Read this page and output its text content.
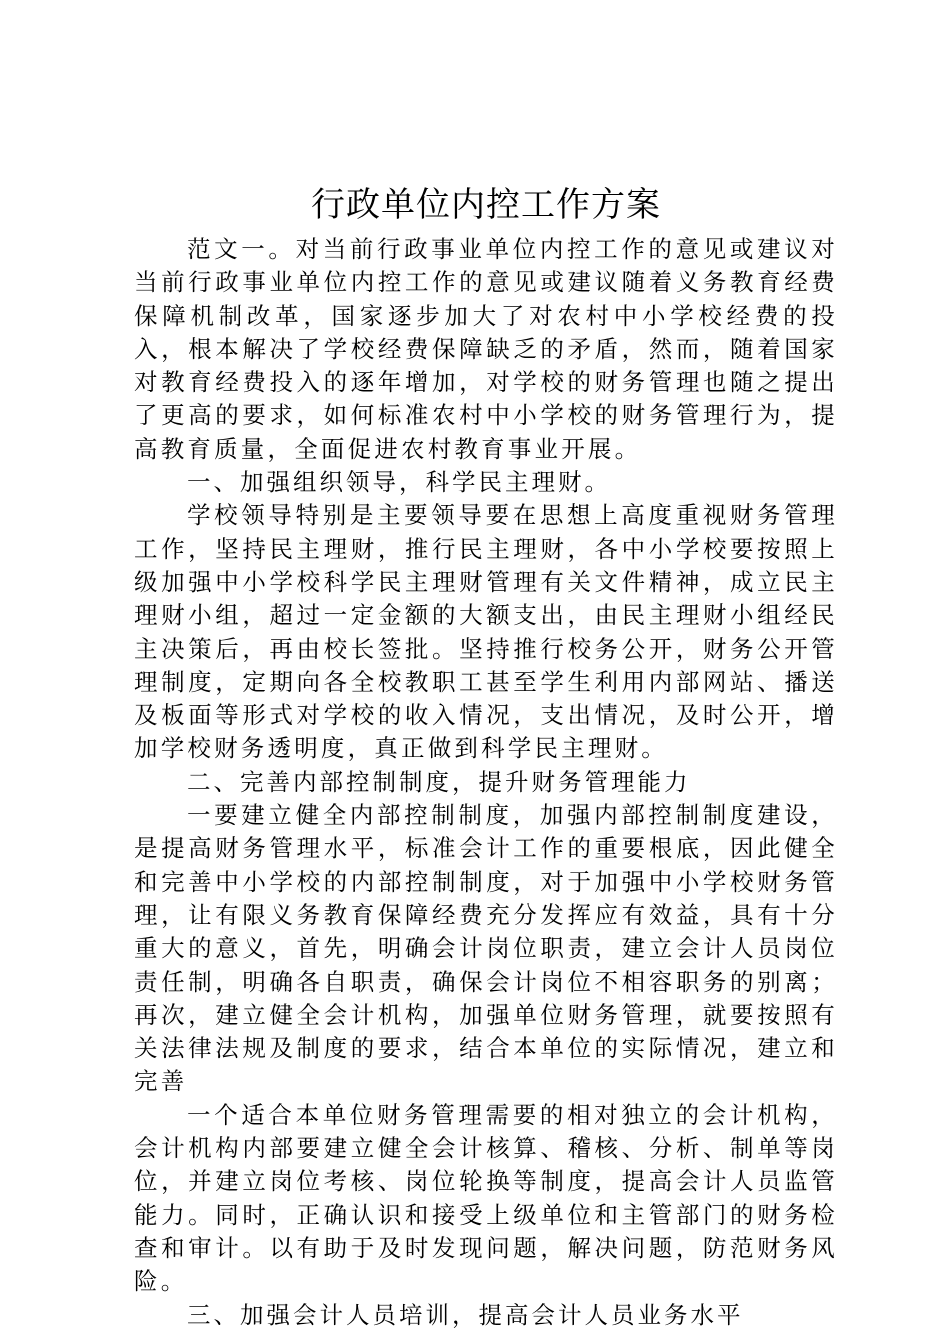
行政单位内控工作方案

范文一。对当前行政事业单位内控工作的意见或建议对当前行政事业单位内控工作的意见或建议随着义务教育经费保障机制改革，国家逐步加大了对农村中小学校经费的投入，根本解决了学校经费保障缺乏的矛盾，然而，随着国家对教育经费投入的逐年增加，对学校的财务管理也随之提出了更高的要求，如何标准农村中小学校的财务管理行为，提高教育质量，全面促进农村教育事业开展。

一、加强组织领导，科学民主理财。

学校领导特别是主要领导要在思想上高度重视财务管理工作，坚持民主理财，推行民主理财，各中小学校要按照上级加强中小学校科学民主理财管理有关文件精神，成立民主理财小组，超过一定金额的大额支出，由民主理财小组经民主决策后，再由校长签批。坚持推行校务公开，财务公开管理制度，定期向各全校教职工甚至学生利用内部网站、播送及板面等形式对学校的收入情况，支出情况，及时公开，增加学校财务透明度，真正做到科学民主理财。

二、完善内部控制制度，提升财务管理能力

一要建立健全内部控制制度，加强内部控制制度建设，是提高财务管理水平，标准会计工作的重要根底，因此健全和完善中小学校的内部控制制度，对于加强中小学校财务管理，让有限义务教育保障经费充分发挥应有效益，具有十分重大的意义，首先，明确会计岗位职责，建立会计人员岗位责任制，明确各自职责，确保会计岗位不相容职务的别离；再次，建立健全会计机构，加强单位财务管理，就要按照有关法律法规及制度的要求，结合本单位的实际情况，建立和完善

一个适合本单位财务管理需要的相对独立的会计机构，会计机构内部要建立健全会计核算、稽核、分析、制单等岗位，并建立岗位考核、岗位轮换等制度，提高会计人员监管能力。同时，正确认识和接受上级单位和主管部门的财务检查和审计。以有助于及时发现问题，解决问题，防范财务风险。

三、加强会计人员培训，提高会计人员业务水平
